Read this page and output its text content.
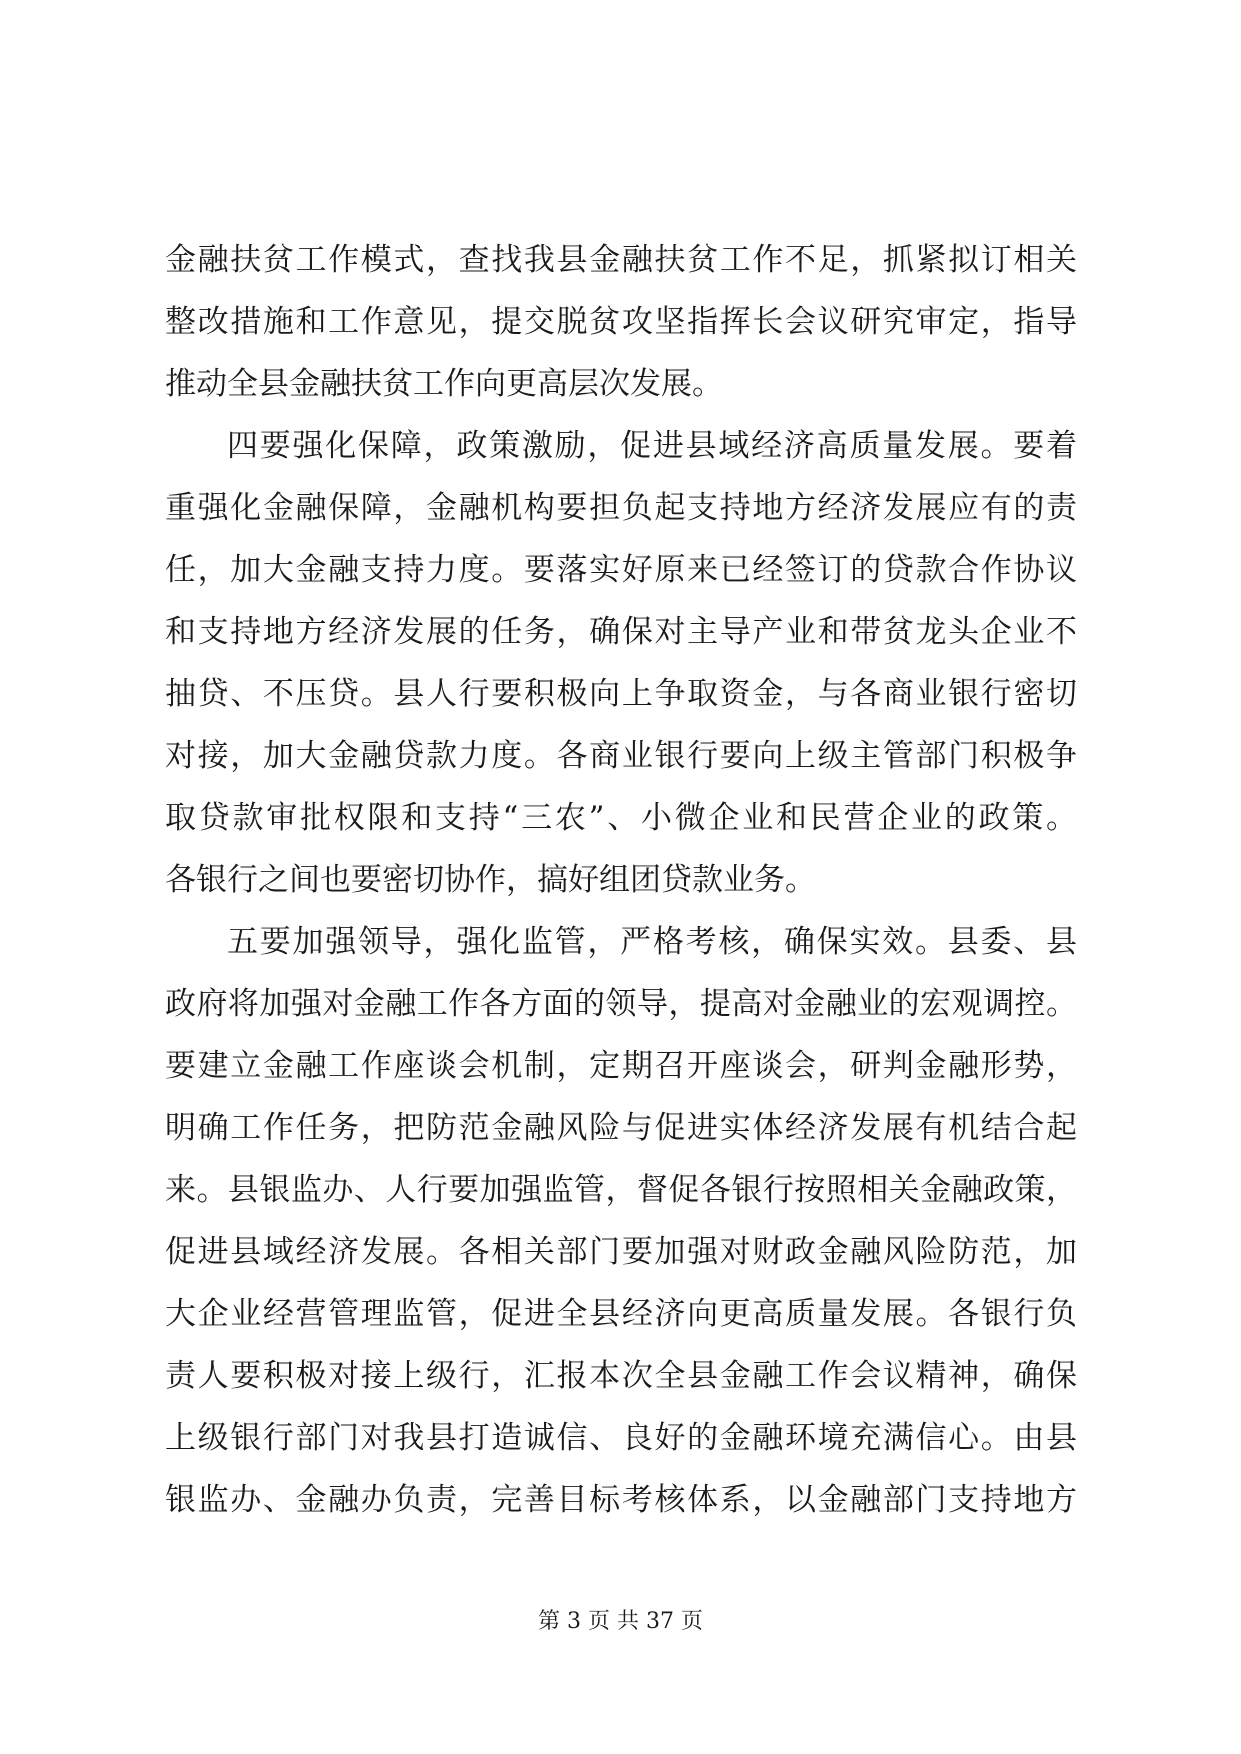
金融扶贫工作模式，查找我县金融扶贫工作不足，抓紧拟订相关
整改措施和工作意见，提交脱贫攻坚指挥长会议研究审定，指导
推动全县金融扶贫工作向更高层次发展。
四要强化保障，政策激励，促进县域经济高质量发展。要着
重强化金融保障，金融机构要担负起支持地方经济发展应有的责
任，加大金融支持力度。要落实好原来已经签订的贷款合作协议
和支持地方经济发展的任务，确保对主导产业和带贫龙头企业不
抽贷、不压贷。县人行要积极向上争取资金，与各商业银行密切
对接，加大金融贷款力度。各商业银行要向上级主管部门积极争
取贷款审批权限和支持“三农”、小微企业和民营企业的政策。
各银行之间也要密切协作，搞好组团贷款业务。
五要加强领导，强化监管，严格考核，确保实效。县委、县
政府将加强对金融工作各方面的领导，提高对金融业的宏观调控。
要建立金融工作座谈会机制，定期召开座谈会，研判金融形势，
明确工作任务，把防范金融风险与促进实体经济发展有机结合起
来。县银监办、人行要加强监管，督促各银行按照相关金融政策，
促进县域经济发展。各相关部门要加强对财政金融风险防范，加
大企业经营管理监管，促进全县经济向更高质量发展。各银行负
责人要积极对接上级行，汇报本次全县金融工作会议精神，确保
上级银行部门对我县打造诚信、良好的金融环境充满信心。由县
银监办、金融办负责，完善目标考核体系，以金融部门支持地方
第 3 页 共 37 页
